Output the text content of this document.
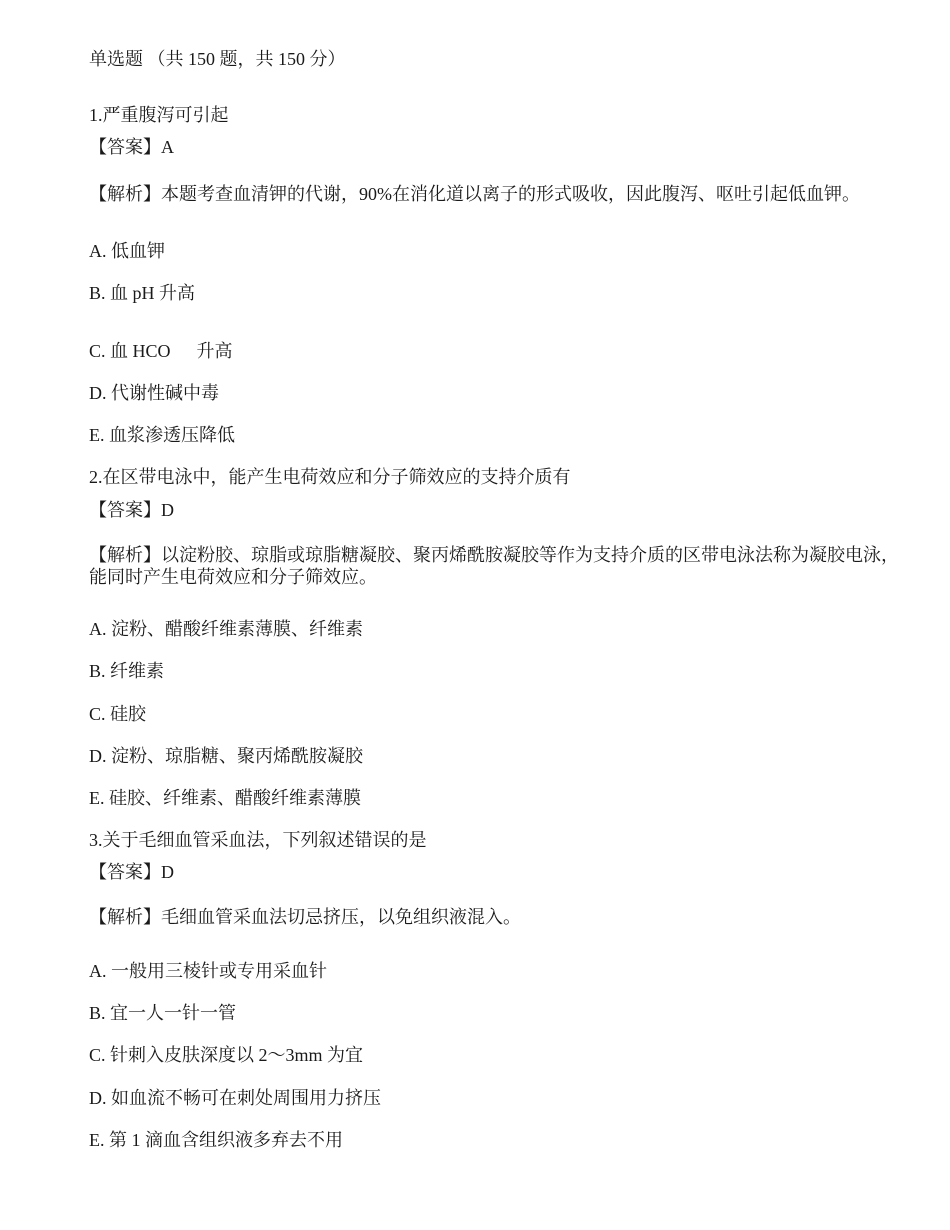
单选题 （共 150 题，共 150 分）
1.严重腹泻可引起
【答案】A
【解析】本题考查血清钾的代谢，90%在消化道以离子的形式吸收，因此腹泻、呕吐引起低血钾。
A. 低血钾
B. 血 pH 升高
C. 血 HCO 升高
D. 代谢性碱中毒
E. 血浆渗透压降低
2.在区带电泳中，能产生电荷效应和分子筛效应的支持介质有
【答案】D
【解析】以淀粉胶、琼脂或琼脂糖凝胶、聚丙烯酰胺凝胶等作为支持介质的区带电泳法称为凝胶电泳，能同时产生电荷效应和分子筛效应。
A. 淀粉、醋酸纤维素薄膜、纤维素
B. 纤维素
C. 硅胶
D. 淀粉、琼脂糖、聚丙烯酰胺凝胶
E. 硅胶、纤维素、醋酸纤维素薄膜
3.关于毛细血管采血法，下列叙述错误的是
【答案】D
【解析】毛细血管采血法切忌挤压，以免组织液混入。
A. 一般用三棱针或专用采血针
B. 宜一人一针一管
C. 针刺入皮肤深度以 2～3mm 为宜
D. 如血流不畅可在刺处周围用力挤压
E. 第 1 滴血含组织液多弃去不用
